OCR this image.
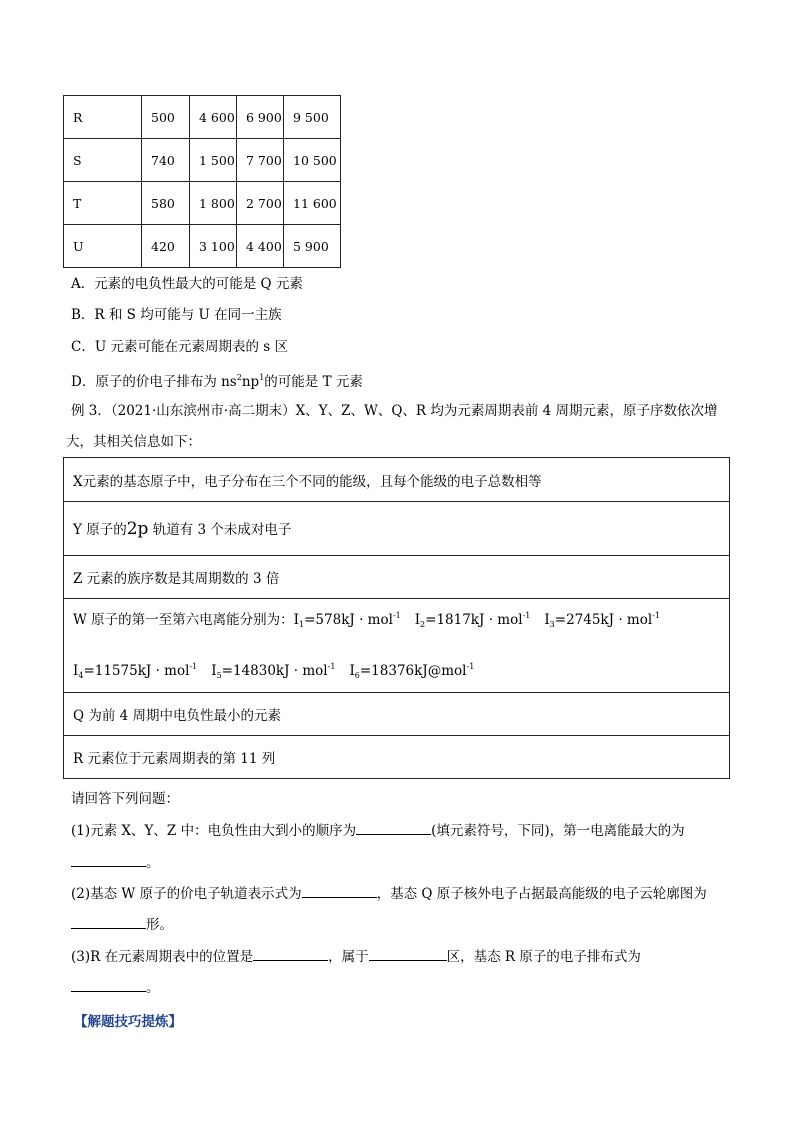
R	500	4 600	6 900	9 500
S	740	1 500	7 700	10 500
T	580	1 800	2 700	11 600
U	420	3 100	4 400	5 900
A．元素的电负性最大的可能是 Q 元素
B．R 和 S 均可能与 U 在同一主族
C．U 元素可能在元素周期表的 s 区
D．原子的价电子排布为 $ns^2np^1$的可能是 T 元素
例 3．（2021·山东滨州市·高二期末）X、Y、Z、W、Q、R 均为元素周期表前 4 周期元素，原子序数依次增
大，其相关信息如下：
X元素的基态原子中，电子分布在三个不同的能级，且每个能级的电子总数相等
Y 原子的2p 轨道有 3 个未成对电子
Z 元素的族序数是其周期数的 3 倍

W 原子的第一至第六电离能分别为：$I_1=578kJ \cdot mol^{-1}$ $I_2=1817kJ \cdot mol^{-1}$ $I_3=2745kJ \cdot mol^{-1}$
$I_4=11575kJ \cdot mol^{-1}$ $I_5=14830kJ \cdot mol^{-1}$ $I_6=18376kJ@mol^{-1}$

Q 为前 4 周期中电负性最小的元素
R 元素位于元素周期表的第 11 列
请回答下列问题：
(1)元素 X、Y、Z 中：电负性由大到小的顺序为	(填元素符号，下同)，第一电离能最大的为
。
(2)基态 W 原子的价电子轨道表示式为	，基态 Q 原子核外电子占据最高能级的电子云轮廓图为
形。
(3)R 在元素周期表中的位置是	，属于	区，基态 R 原子的电子排布式为
。
【解题技巧提炼】
